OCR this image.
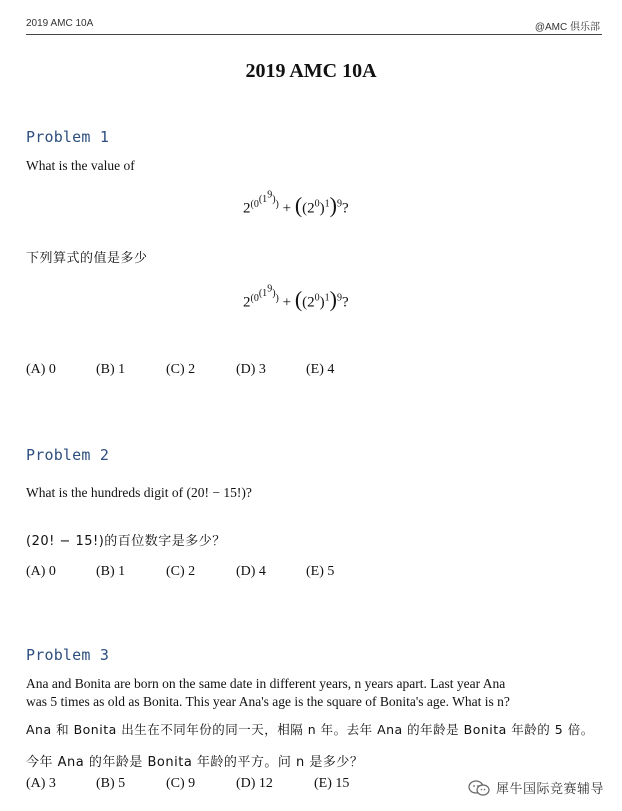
2019 AMC 10A	@AMC 俱乐部
2019 AMC 10A
Problem 1
What is the value of
$2^{(0^{(1^9)})} + ((2^0)^1)^9$?
下列算式的值是多少
$2^{(0^{(1^9)})} + ((2^0)^1)^9$?
(A) 0	(B) 1	(C) 2	(D) 3	(E) 4
Problem 2
What is the hundreds digit of (20! − 15!)?
(20! − 15!)的百位数字是多少？
(A) 0	(B) 1	(C) 2	(D) 4	(E) 5
Problem 3
Ana and Bonita are born on the same date in different years, n years apart. Last year Ana
was 5 times as old as Bonita. This year Ana's age is the square of Bonita's age. What is n?
Ana 和 Bonita 出生在不同年份的同一天，相隔 n 年。去年 Ana 的年龄是 Bonita 年龄的 5 倍。
今年 Ana 的年龄是 Bonita 年龄的平方。问 n 是多少？
(A) 3	(B) 5	(C) 9	(D) 12	(E) 15	犀牛国际竞赛辅导
